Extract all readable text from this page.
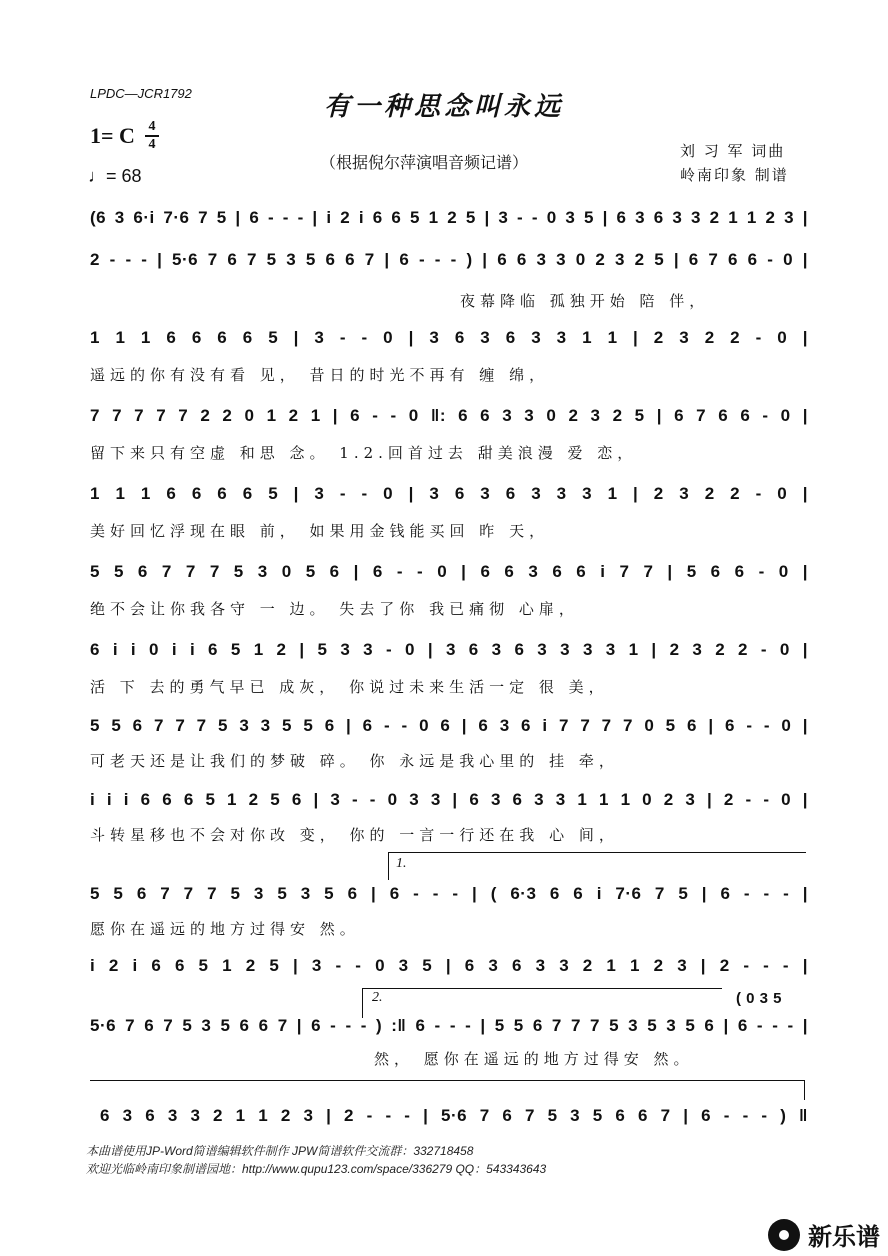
LPDC—JCR1792	有一种思念叫永远
（根据倪尔萍演唱音频记谱）
1= C $\frac{4}{4}$
♩= 68
刘 习 军 词曲
岭南印象 制谱
(6 3 6·i 7·6 7 5 | 6 - - - | i 2 i 6 6 5 1 2 5 | 3 - - 0 3 5 | 6 3 6 3 3 2 1 1 2 3 |
2 - - - | 5·6 7 6 7 5 3 5 6 6 7 | 6 - - - ) | 6 6 3 3 0 2 3 2 5 | 6 7 6 6 - 0 |
夜幕降临 孤独开始 陪 伴，
1 1 1 6 6 6 6 5 | 3 - - 0 | 3 6 3 6 3 3 1 1 | 2 3 2 2 - 0 |
遥远的你有没有看 见， 昔日的时光不再有 缠 绵，
7 7 7 7 7 2 2 0 1 2 1 | 6 - - 0 ‖: 6 6 3 3 0 2 3 2 5 | 6 7 6 6 - 0 |
留下来只有空虚 和思 念。 1.2.回首过去 甜美浪漫 爱 恋，
1 1 1 6 6 6 6 5 | 3 - - 0 | 3 6 3 6 3 3 3 1 | 2 3 2 2 - 0 |
美好回忆浮现在眼 前， 如果用金钱能买回 昨 天，
5 5 6 7 7 7 5 3 0 5 6 | 6 - - 0 | 6 6 3 6 6 i 7 7 | 5 6 6 - 0 |
绝不会让你我各守 一 边。 失去了你 我已痛彻 心扉，
6 i i 0 i i 6 5 1 2 | 5 3 3 - 0 | 3 6 3 6 3 3 3 3 1 | 2 3 2 2 - 0 |
活 下 去的勇气早已 成灰， 你说过未来生活一定 很 美，
5 5 6 7 7 7 5 3 3 5 5 6 | 6 - - 0 6 | 6 3 6 i 7 7 7 7 0 5 6 | 6 - - 0 |
可老天还是让我们的梦破 碎。 你 永远是我心里的 挂 牵，
i i i 6 6 6 5 1 2 5 6 | 3 - - 0 3 3 | 6 3 6 3 3 1 1 1 0 2 3 | 2 - - 0 |
斗转星移也不会对你改 变， 你的 一言一行还在我 心 间，
1.
5 5 6 7 7 7 5 3 5 3 5 6 | 6 - - - | ( 6·3 6 6 i 7·6 7 5 | 6 - - - |
愿你在遥远的地方过得安 然。
i 2 i 6 6 5 1 2 5 | 3 - - 0 3 5 | 6 3 6 3 3 2 1 1 2 3 | 2 - - - |
2.	( 0 3 5
5·6 7 6 7 5 3 5 6 6 7 | 6 - - - ) :‖ 6 - - - | 5 5 6 7 7 7 5 3 5 3 5 6 | 6 - - - |
然， 愿你在遥远的地方过得安 然。
6 3 6 3 3 2 1 1 2 3 | 2 - - - | 5·6 7 6 7 5 3 5 6 6 7 | 6 - - - ) ‖
本曲谱使用JP-Word简谱编辑软件制作 JPW简谱软件交流群：332718458
欢迎光临岭南印象制谱园地：http://www.qupu123.com/space/336279 QQ：543343643
新乐谱
